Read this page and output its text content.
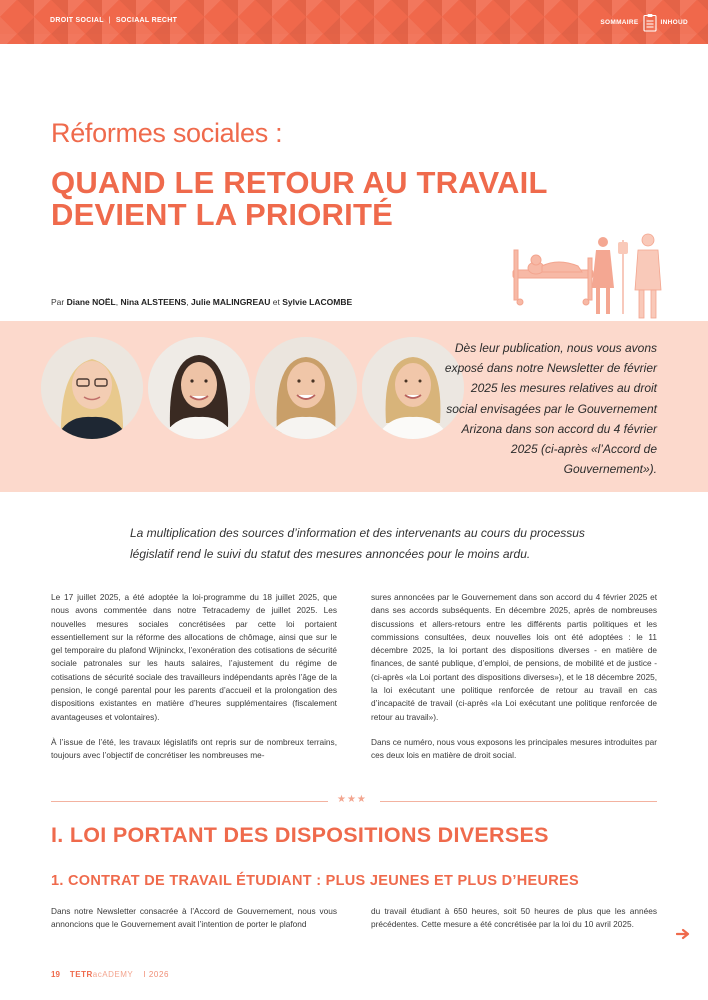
DROIT SOCIAL | SOCIAAL RECHT	SOMMAIRE	INHOUD
Réformes sociales :
QUAND LE RETOUR AU TRAVAIL DEVIENT LA PRIORITÉ
Par Diane NOËL, Nina ALSTEENS, Julie MALINGREAU et Sylvie LACOMBE
Dès leur publication, nous vous avons exposé dans notre Newsletter de février 2025 les mesures relatives au droit social envisagées par le Gouvernement Arizona dans son accord du 4 février 2025 (ci-après «l’Accord de Gouvernement»).
La multiplication des sources d’information et des intervenants au cours du processus législatif rend le suivi du statut des mesures annoncées pour le moins ardu.

Le 17 juillet 2025, a été adoptée la loi-programme du 18 juillet 2025, que nous avons commentée dans notre Tetracademy de juillet 2025. Les nouvelles mesures sociales concrétisées par cette loi portaient essentiellement sur la réforme des allocations de chômage, ainsi que sur le gel temporaire du plafond Wijninckx, l’exonération des cotisations de sécurité sociale patronales sur les hauts salaires, l’ajustement du régime de cotisations de sécurité sociale des travailleurs indépendants après l’âge de la pension, le congé parental pour les parents d’accueil et la prolongation des dispositions existantes en matière d’heures supplémentaires (fiscalement avantageuses et volontaires).

À l’issue de l’été, les travaux législatifs ont repris sur de nombreux terrains, toujours avec l’objectif de concrétiser les nombreuses me-

sures annoncées par le Gouvernement dans son accord du 4 février 2025 et dans ses accords subséquents. En décembre 2025, après de nombreuses discussions et allers-retours entre les différents partis politiques et les commissions consultées, deux nouvelles lois ont été adoptées : le 11 décembre 2025, la loi portant des dispositions diverses - en matière de finances, de santé publique, d’emploi, de pensions, de mobilité et de justice - (ci-après «la Loi portant des dispositions diverses»), et le 18 décembre 2025, la loi exécutant une politique renforcée de retour au travail en cas d’incapacité de travail (ci-après «la Loi exécutant une politique renforcée de retour au travail»).

Dans ce numéro, nous vous exposons les principales mesures introduites par ces deux lois en matière de droit social.

★★★
I. LOI PORTANT DES DISPOSITIONS DIVERSES
1. CONTRAT DE TRAVAIL ÉTUDIANT : PLUS JEUNES ET PLUS D’HEURES

Dans notre Newsletter consacrée à l’Accord de Gouvernement, nous vous annoncions que le Gouvernement avait l’intention de porter le plafond

du travail étudiant à 650 heures, soit 50 heures de plus que les années précédentes. Cette mesure a été concrétisée par la loi du 10 avril 2025.

19 TETRacADEMY I 2026
